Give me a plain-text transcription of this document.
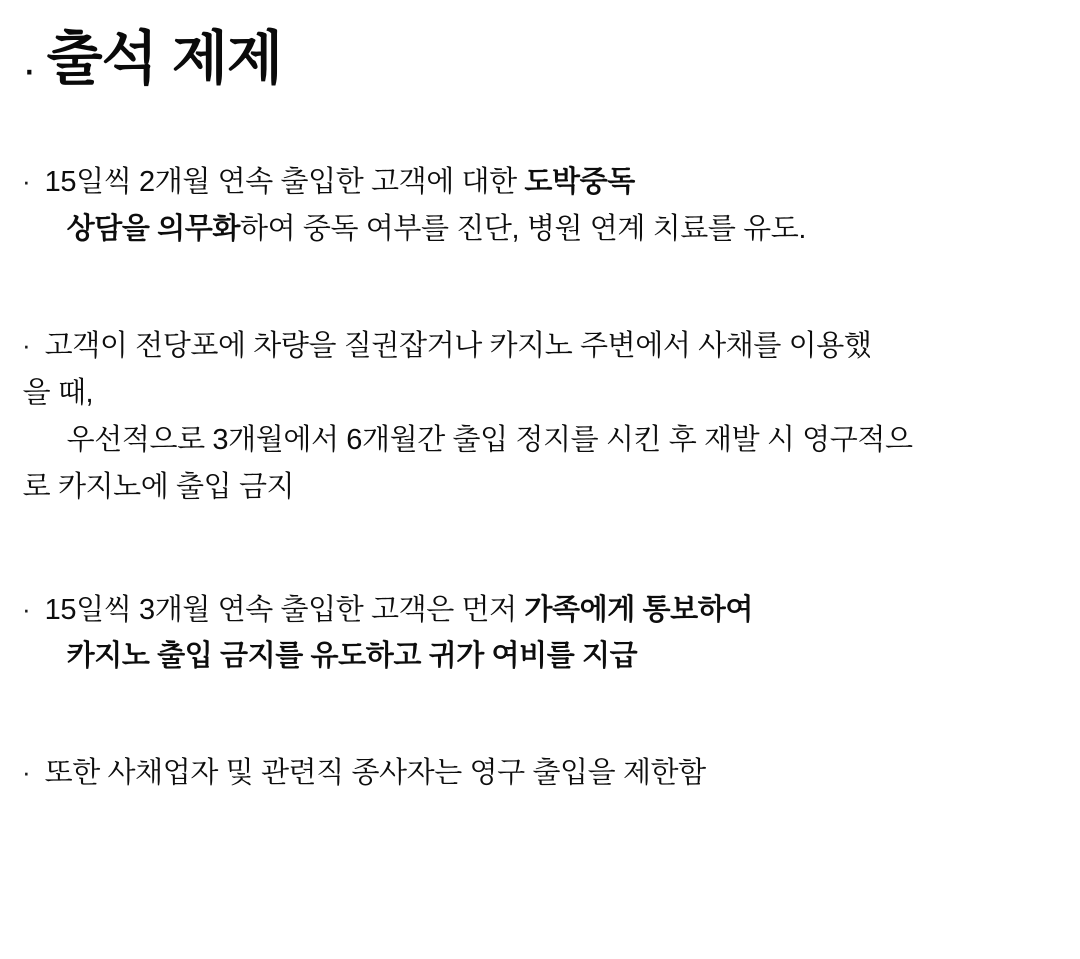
· 출석 제제
· 15일씩 2개월 연속 출입한 고객에 대한 도박중독
상담을 의무화하여 중독 여부를 진단, 병원 연계 치료를 유도.
· 고객이 전당포에 차량을 질권잡거나 카지노 주변에서 사채를 이용했
을 때,
우선적으로 3개월에서 6개월간 출입 정지를 시킨 후 재발 시 영구적으
로 카지노에 출입 금지
· 15일씩 3개월 연속 출입한 고객은 먼저 가족에게 통보하여
카지노 출입 금지를 유도하고 귀가 여비를 지급
· 또한 사채업자 및 관련직 종사자는 영구 출입을 제한함
